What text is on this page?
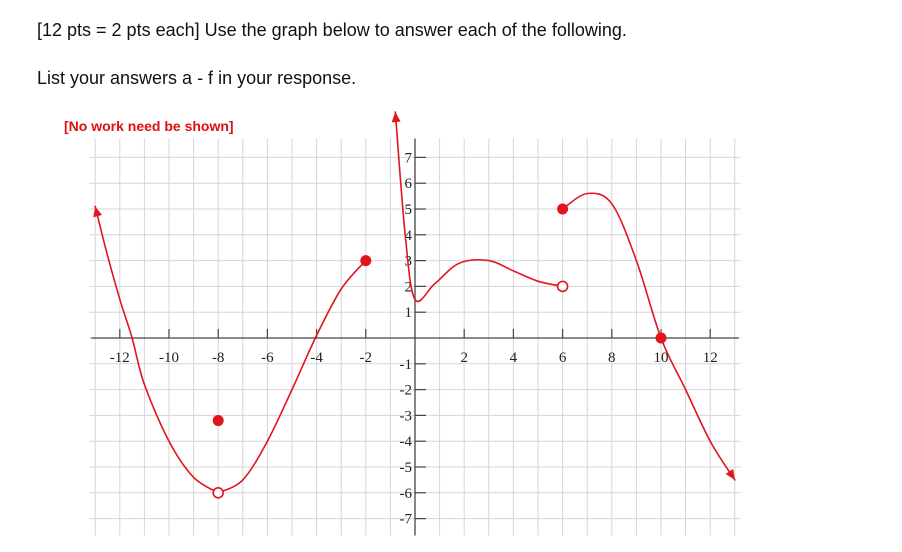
[12 pts = 2 pts each] Use the graph below to answer each of the following.
List your answers a - f in your response.
[No work need be shown]
-12 -10 -8 -6 -4 -2	2	4	6	8	10 12
1
2
3
4
5
6
7
-1
-2
-3
-4
-5
-6
-7
